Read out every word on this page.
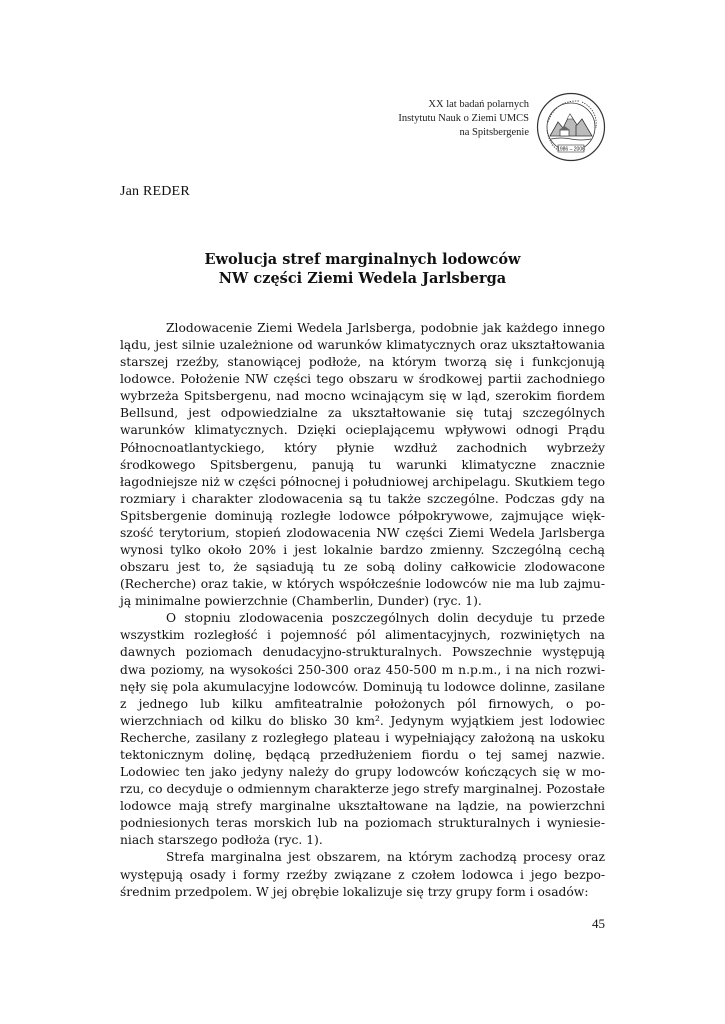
XX lat badań polarnych
Instytutu Nauk o Ziemi UMCS
na Spitsbergenie
1986 – 2006
Jan REDER
Ewolucja stref marginalnych lodowców
NW części Ziemi Wedela Jarlsberga

Zlodowacenie Ziemi Wedela Jarlsberga, podobnie jak każdego innego lądu, jest silnie uzależnione od warunków klimatycznych oraz ukształtowania starszej rzeźby, stanowiącej podłoże, na którym tworzą się i funkcjonują lodowce. Położenie NW części tego obszaru w środkowej partii zachodniego wybrzeża Spitsbergenu, nad mocno wcinającym się w ląd, szerokim fiordem Bellsund, jest odpowiedzialne za ukształtowanie się tutaj szczególnych warunków klimatycznych. Dzięki ocieplającemu wpływowi odnogi Prądu Północnoatlantyckiego, który płynie wzdłuż zachodnich wybrzeży środkowego Spitsbergenu, panują tu warunki klimatyczne znacznie łagodniejsze niż w części północnej i południowej archipelagu. Skutkiem tego rozmiary i charakter zlodowacenia są tu także szczególne. Podczas gdy na Spitsbergenie dominują rozległe lodowce półpokrywowe, zajmujące większość terytorium, stopień zlodowacenia NW części Ziemi Wedela Jarlsberga wynosi tylko około 20% i jest lokalnie bardzo zmienny. Szczególną cechą obszaru jest to, że sąsiadują tu ze sobą doliny całkowicie zlodowacone (Recherche) oraz takie, w których współcześnie lodowców nie ma lub zajmują minimalne powierzchnie (Chamberlin, Dunder) (ryc. 1).

O stopniu zlodowacenia poszczególnych dolin decyduje tu przede wszystkim rozległość i pojemność pól alimentacyjnych, rozwiniętych na dawnych poziomach denudacyjno-strukturalnych. Powszechnie występują dwa poziomy, na wysokości 250-300 oraz 450-500 m n.p.m., i na nich rozwinęły się pola akumulacyjne lodowców. Dominują tu lodowce dolinne, zasilane z jednego lub kilku amfiteatralnie położonych pól firnowych, o powierzchniach od kilku do blisko 30 km². Jedynym wyjątkiem jest lodowiec Recherche, zasilany z rozległego plateau i wypełniający założoną na uskoku tektonicznym dolinę, będącą przedłużeniem fiordu o tej samej nazwie. Lodowiec ten jako jedyny należy do grupy lodowców kończących się w morzu, co decyduje o odmiennym charakterze jego strefy marginalnej. Pozostałe lodowce mają strefy marginalne ukształtowane na lądzie, na powierzchni podniesionych teras morskich lub na poziomach strukturalnych i wyniesieniach starszego podłoża (ryc. 1).

Strefa marginalna jest obszarem, na którym zachodzą procesy oraz występują osady i formy rzeźby związane z czołem lodowca i jego bezpośrednim przedpolem. W jej obrębie lokalizuje się trzy grupy form i osadów:

45
